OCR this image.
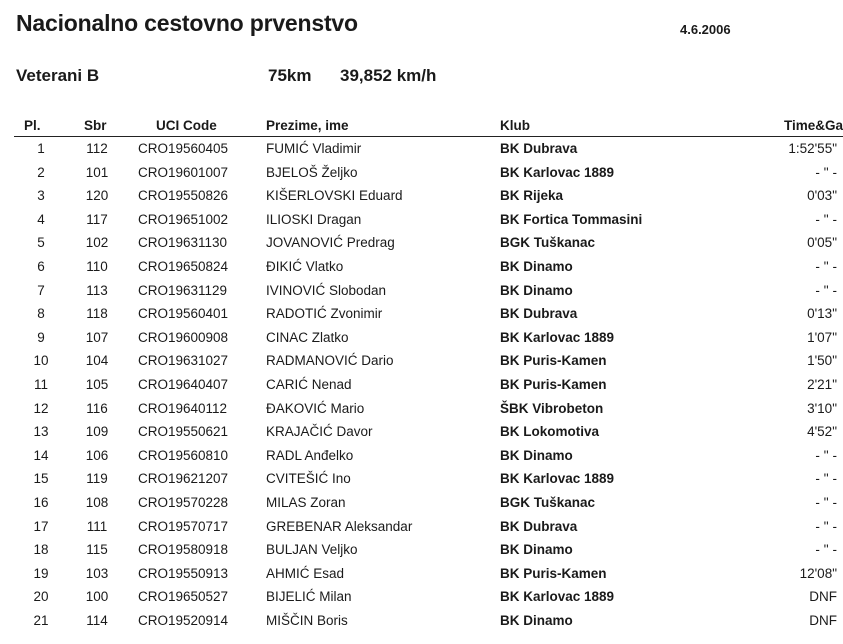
Nacionalno cestovno prvenstvo	4.6.2006
Veterani B	75km 39,852 km/h
Pl.	Sbr	UCI Code	Prezime, ime	Klub	Time&Ga
1	112	CRO19560405	FUMIĆ Vladimir	BK Dubrava	1:52'55"
2	101	CRO19601007	BJELOŠ Željko	BK Karlovac 1889	- '' -
3	120	CRO19550826	KIŠERLOVSKI Eduard	BK Rijeka	0'03"
4	117	CRO19651002	ILIOSKI Dragan	BK Fortica Tommasini	- '' -
5	102	CRO19631130	JOVANOVIĆ Predrag	BGK Tuškanac	0'05"
6	110	CRO19650824	ĐIKIĆ Vlatko	BK Dinamo	- '' -
7	113	CRO19631129	IVINOVIĆ Slobodan	BK Dinamo	- '' -
8	118	CRO19560401	RADOTIĆ Zvonimir	BK Dubrava	0'13"
9	107	CRO19600908	CINAC Zlatko	BK Karlovac 1889	1'07"
10	104	CRO19631027	RADMANOVIĆ Dario	BK Puris-Kamen	1'50"
11	105	CRO19640407	CARIĆ Nenad	BK Puris-Kamen	2'21"
12	116	CRO19640112	ĐAKOVIĆ Mario	ŠBK Vibrobeton	3'10"
13	109	CRO19550621	KRAJAČIĆ Davor	BK Lokomotiva	4'52"
14	106	CRO19560810	RADL Anđelko	BK Dinamo	- '' -
15	119	CRO19621207	CVITEŠIĆ Ino	BK Karlovac 1889	- '' -
16	108	CRO19570228	MILAS Zoran	BGK Tuškanac	- '' -
17	111	CRO19570717	GREBENAR Aleksandar	BK Dubrava	- '' -
18	115	CRO19580918	BULJAN Veljko	BK Dinamo	- '' -
19	103	CRO19550913	AHMIĆ Esad	BK Puris-Kamen	12'08"
20	100	CRO19650527	BIJELIĆ Milan	BK Karlovac 1889	DNF
21	114	CRO19520914	MIŠČIN Boris	BK Dinamo	DNF
